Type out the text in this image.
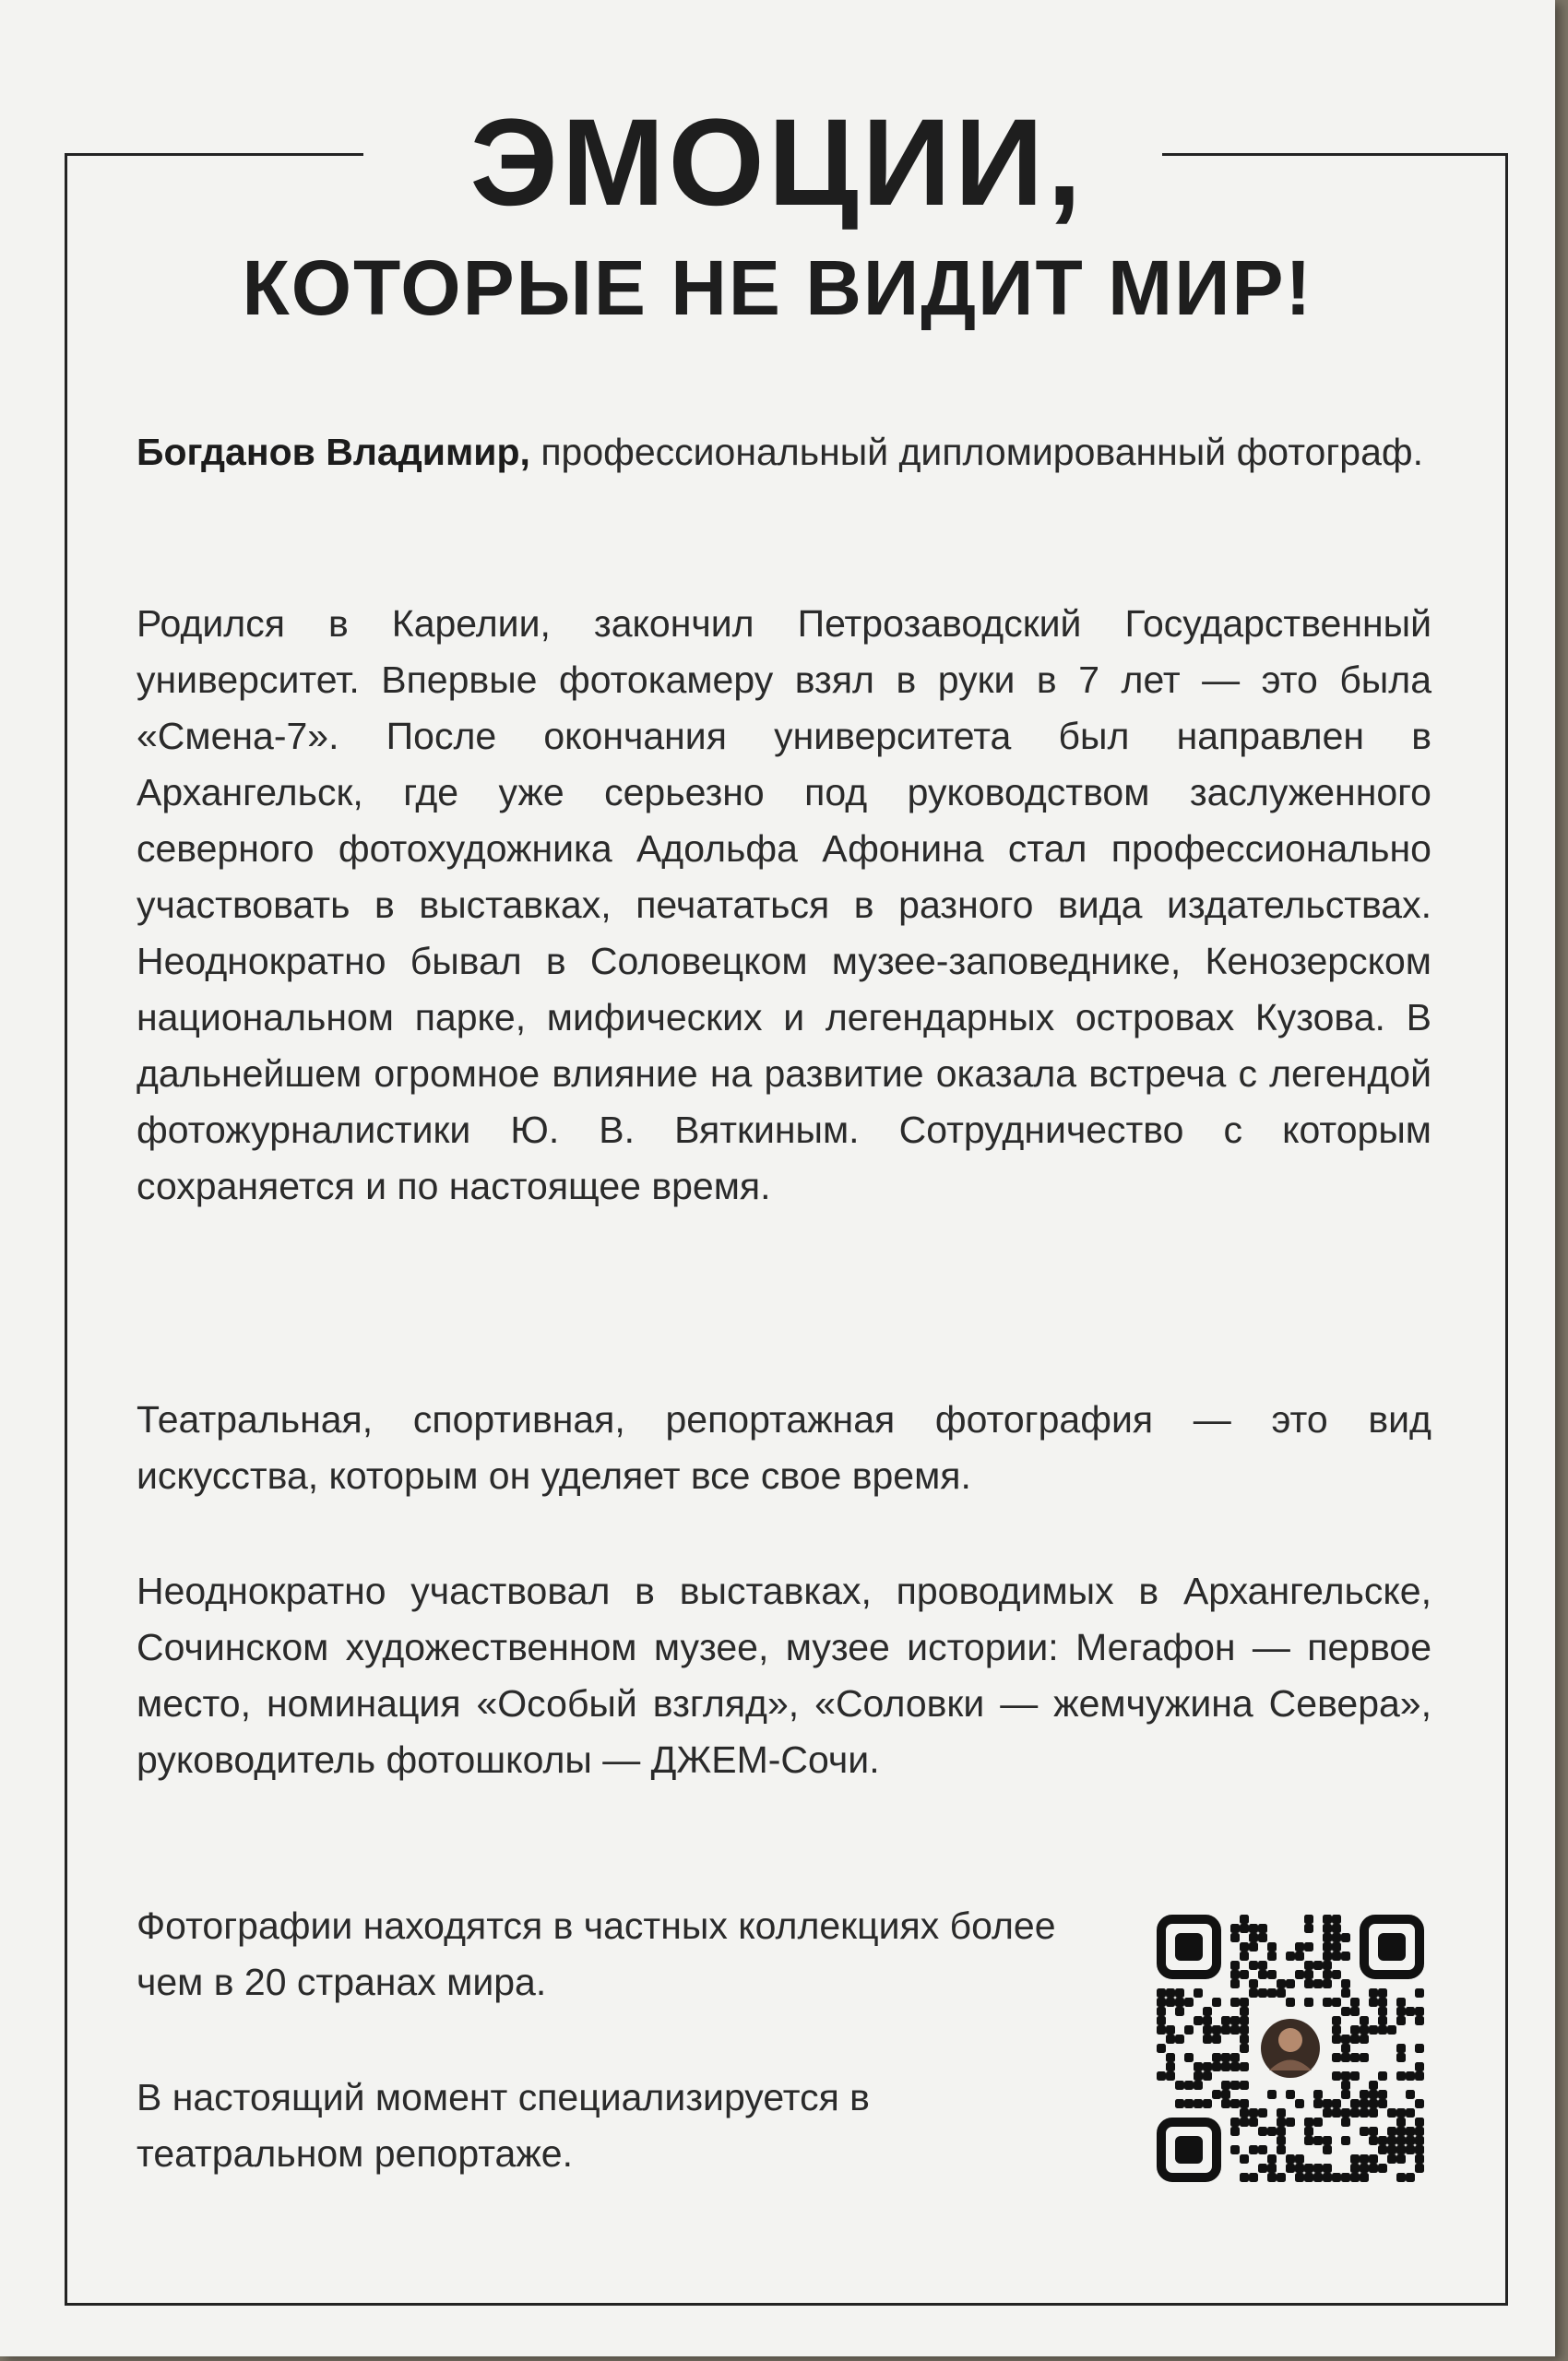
ЭМОЦИИ,
КОТОРЫЕ НЕ ВИДИТ МИР!

Богданов Владимир, профессиональный дипломированный фотограф.

Родился в Карелии, закончил Петрозаводский Государственный университет. Впервые фотокамеру взял в руки в 7 лет — это была «Смена-7». После окончания университета был направлен в Архангельск, где уже серьезно под руководством заслуженного северного фотохудожника Адольфа Афонина стал профессионально участвовать в выставках, печататься в разного вида издательствах. Неоднократно бывал в Соловецком музее-заповеднике, Кенозерском национальном парке, мифических и легендарных островах Кузова. В дальнейшем огромное влияние на развитие оказала встреча с легендой фотожурналистики Ю. В. Вяткиным. Сотрудничество с которым сохраняется и по настоящее время.

Театральная, спортивная, репортажная фотография — это вид искусства, которым он уделяет все свое время.

Неоднократно участвовал в выставках, проводимых в Архангельске, Сочинском художественном музее, музее истории: Мегафон — первое место, номинация «Особый взгляд», «Соловки — жемчужина Севера», руководитель фотошколы — ДЖЕМ-Сочи.

Фотографии находятся в частных коллекциях более чем в 20 странах мира.

В настоящий момент специализируется в театральном репортаже.
